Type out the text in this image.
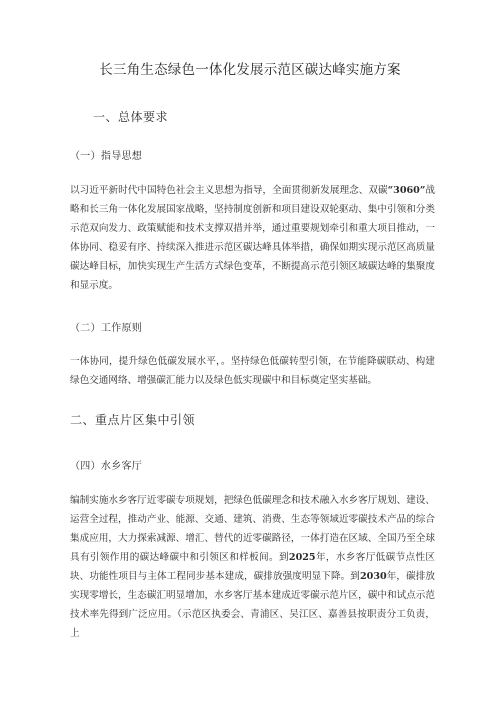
长三角生态绿色一体化发展示范区碳达峰实施方案
一、总体要求
（一）指导思想
以习近平新时代中国特色社会主义思想为指导，全面贯彻新发展理念、双碳“3060”战略和长三角一体化发展国家战略，坚持制度创新和项目建设双轮驱动、集中引领和分类示范双向发力、政策赋能和技术支撑双措并举，通过重要规划牵引和重大项目推动，一体协同、稳妥有序、持续深入推进示范区碳达峰具体举措，确保如期实现示范区高质量碳达峰目标，加快实现生产生活方式绿色变革，不断提高示范引领区域碳达峰的集聚度和显示度。
（二）工作原则
一体协同，提升绿色低碳发展水平，。坚持绿色低碳转型引领，在节能降碳联动、构建绿色交通网络、增强碳汇能力以及绿色低实现碳中和目标奠定坚实基础。
二、重点片区集中引领
（四）水乡客厅
编制实施水乡客厅近零碳专项规划，把绿色低碳理念和技术融入水乡客厅规划、建设、运营全过程，推动产业、能源、交通、建筑、消费、生态等领域近零碳技术产品的综合集成应用，大力探索减源、增汇、替代的近零碳路径，一体打造在区域、全国乃至全球具有引领作用的碳达峰碳中和引领区和样板间。到2025年，水乡客厅低碳节点性区块、功能性项目与主体工程同步基本建成，碳排放强度明显下降。到2030年，碳排放实现零增长，生态碳汇明显增加，水乡客厅基本建成近零碳示范片区，碳中和试点示范技术率先得到广泛应用。（示范区执委会、青浦区、吴江区、嘉善县按职责分工负责，上
